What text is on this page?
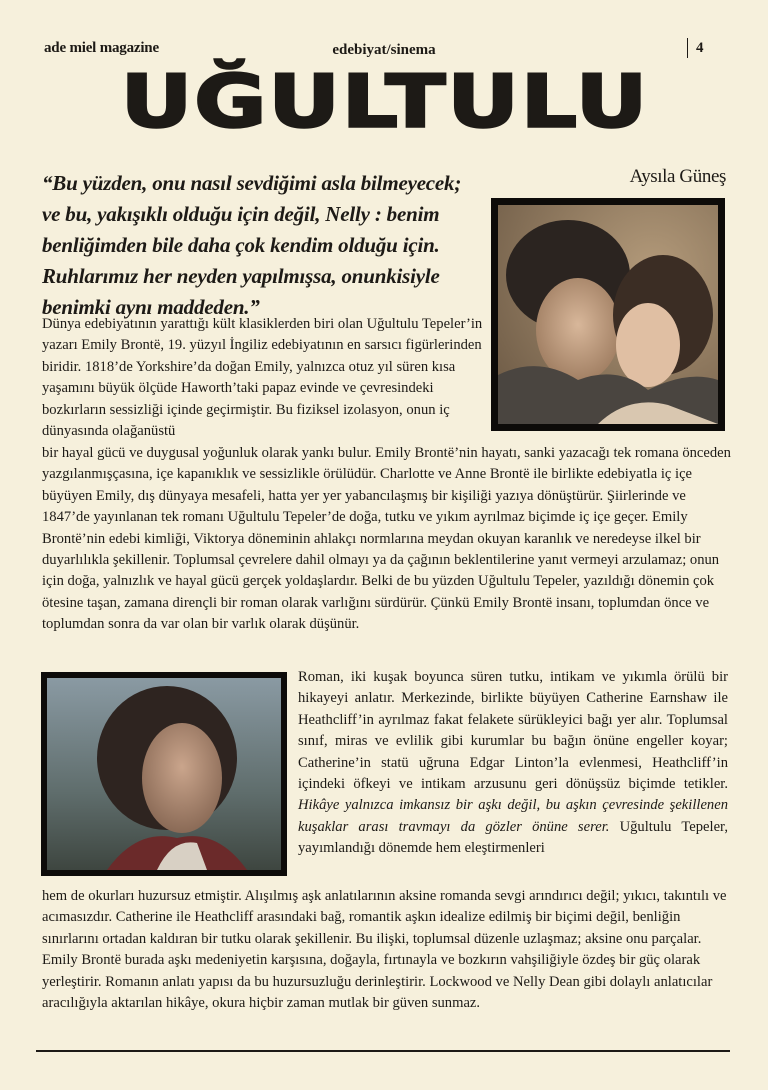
ade miel magazine	edebiyat/sinema	4
UĞULTULU
“Bu yüzden, onu nasıl sevdiğimi asla bilmeyecek; ve bu, yakışıklı olduğu için değil, Nelly : benim benliğimden bile daha çok kendim olduğu için. Ruhlarımız her neyden yapılmışsa, onunkisiyle benimki aynı maddeden.”
Aysıla Güneş
Dünya edebiyatının yarattığı kült klasiklerden biri olan Uğultulu Tepeler’in yazarı Emily Brontë, 19. yüzyıl İngiliz edebiyatının en sarsıcı figürlerinden biridir. 1818’de Yorkshire’da doğan Emily, yalnızca otuz yıl süren kısa yaşamını büyük ölçüde Haworth’taki papaz evinde ve çevresindeki bozkırların sessizliği içinde geçirmiştir. Bu fiziksel izolasyon, onun iç dünyasında olağanüstü
bir hayal gücü ve duygusal yoğunluk olarak yankı bulur. Emily Brontë’nin hayatı, sanki yazacağı tek romana önceden yazgılanmışçasına, içe kapanıklık ve sessizlikle örülüdür. Charlotte ve Anne Brontë ile birlikte edebiyatla iç içe büyüyen Emily, dış dünyaya mesafeli, hatta yer yer yabancılaşmış bir kişiliği yazıya dönüştürür. Şiirlerinde ve 1847’de yayınlanan tek romanı Uğultulu Tepeler’de doğa, tutku ve yıkım ayrılmaz biçimde iç içe geçer. Emily Brontë’nin edebi kimliği, Viktorya döneminin ahlakçı normlarına meydan okuyan karanlık ve neredeyse ilkel bir duyarlılıkla şekillenir. Toplumsal çevrelere dahil olmayı ya da çağının beklentilerine yanıt vermeyi arzulamaz; onun için doğa, yalnızlık ve hayal gücü gerçek yoldaşlardır. Belki de bu yüzden Uğultulu Tepeler, yazıldığı dönemin çok ötesine taşan, zamana dirençli bir roman olarak varlığını sürdürür. Çünkü Emily Brontë insanı, toplumdan önce ve toplumdan sonra da var olan bir varlık olarak düşünür.
Roman, iki kuşak boyunca süren tutku, intikam ve yıkımla örülü bir hikayeyi anlatır. Merkezinde, birlikte büyüyen Catherine Earnshaw ile Heathcliff’in ayrılmaz fakat felakete sürükleyici bağı yer alır. Toplumsal sınıf, miras ve evlilik gibi kurumlar bu bağın önüne engeller koyar; Catherine’in statü uğruna Edgar Linton’la evlenmesi, Heathcliff’in içindeki öfkeyi ve intikam arzusunu geri dönüşsüz biçimde tetikler. Hikâye yalnızca imkansız bir aşkı değil, bu aşkın çevresinde şekillenen kuşaklar arası travmayı da gözler önüne serer. Uğultulu Tepeler, yayımlandığı dönemde hem eleştirmenleri
hem de okurları huzursuz etmiştir. Alışılmış aşk anlatılarının aksine romanda sevgi arındırıcı değil; yıkıcı, takıntılı ve acımasızdır. Catherine ile Heathcliff arasındaki bağ, romantik aşkın idealize edilmiş bir biçimi değil, benliğin sınırlarını ortadan kaldıran bir tutku olarak şekillenir. Bu ilişki, toplumsal düzenle uzlaşmaz; aksine onu parçalar. Emily Brontë burada aşkı medeniyetin karşısına, doğayla, fırtınayla ve bozkırın vahşiliğiyle özdeş bir güç olarak yerleştirir. Romanın anlatı yapısı da bu huzursuzluğu derinleştirir. Lockwood ve Nelly Dean gibi dolaylı anlatıcılar aracılığıyla aktarılan hikâye, okura hiçbir zaman mutlak bir güven sunmaz.
